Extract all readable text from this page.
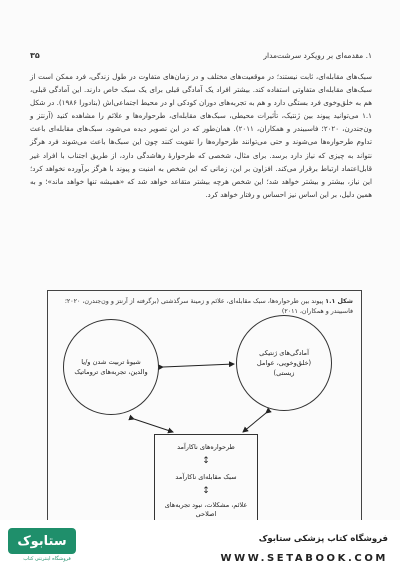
۱. مقدمه‌ای بر رویکرد سرشت‌مدار
۳۵

سبک‌های مقابله‌ای، ثابت نیستند؛ در موقعیت‌های مختلف و در زمان‌های متفاوت در طول زندگی، فرد ممکن است از سبک‌های مقابله‌ای متفاوتی استفاده کند. بیشتر افراد یک آمادگی قبلی برای یک سبک خاص دارند. این آمادگی قبلی، هم به خلق‌وخوی فرد بستگی دارد و هم به تجربه‌های دوران کودکی او در محیط اجتماعی‌اش (بنادورا ۱۹۸۶). در شکل ۱.۱ می‌توانید پیوند بین ژنتیک، تأثیرات محیطی، سبک‌های مقابله‌ای، طرحواره‌ها و علائم را مشاهده کنید (آرنتز و ون‌جندرن، ۲۰۲۰؛ فاسبیندر و همکاران، ۲۰۱۱). همان‌طور که در این تصویر دیده می‌شود، سبک‌های مقابله‌ای باعث تداوم طرحواره‌ها می‌شوند و حتی می‌توانند طرحواره‌ها را تقویت کنند چون این سبک‌ها باعث می‌شوند فرد هرگز نتواند به چیزی که نیاز دارد برسد. برای مثال، شخصی که طرحوارهٔ رهاشدگی دارد، از طریق اجتناب با افراد غیر قابل‌اعتماد ارتباط برقرار می‌کند. افزاون بر این، زمانی که این شخص به امنیت و پیوند با هرگز برآورده نخواهد کرد؛ این نیاز، بیشتر و بیشتر خواهد شد؛ این شخص هرچه بیشتر متقاعد خواهد شد که «همیشه تنها خواهد ماند»؛ و به همین دلیل، بر این اساس نیز احساس و رفتار خواهد کرد.

شکل ۱.۱ پیوند بین طرحواره‌ها، سبک مقابله‌ای، علائم و زمینهٔ سرگذشتی (برگرفته از آرنتز و ون‌جندرن، ۲۰۲۰؛ فاسبیندر و همکاران، ۲۰۱۱)
شیوهٔ تربیت شدن و/یا والدین، تجربه‌های تروماتیک
آمادگی‌های ژنتیکی (خلق‌وخویی، عوامل زیستی)
طرحواره‌های ناکارآمد
↕
سبک مقابله‌ای ناکارآمد
↕
علائم، مشکلات، نبود تجربه‌های اصلاحی
ستابوک
فروشگاه اینترنتی کتاب
فروشگاه کتاب پزشکی ستابوک
WWW.SETABOOK.COM
